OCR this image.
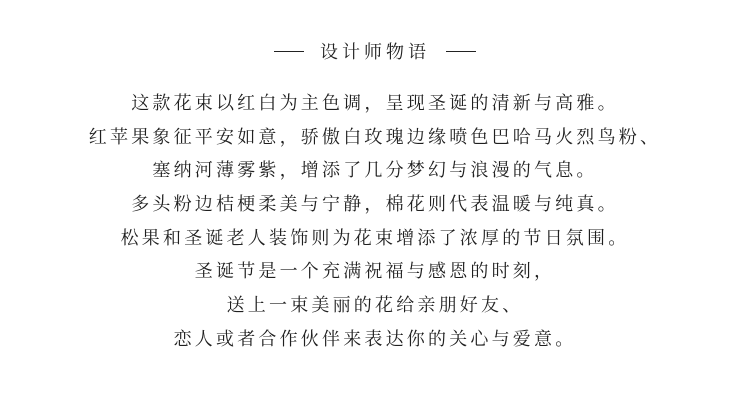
设计师物语
这款花束以红白为主色调，呈现圣诞的清新与高雅。
红苹果象征平安如意，骄傲白玫瑰边缘喷色巴哈马火烈鸟粉、
塞纳河薄雾紫，增添了几分梦幻与浪漫的气息。
多头粉边桔梗柔美与宁静，棉花则代表温暖与纯真。
松果和圣诞老人装饰则为花束增添了浓厚的节日氛围。
圣诞节是一个充满祝福与感恩的时刻，
送上一束美丽的花给亲朋好友、
恋人或者合作伙伴来表达你的关心与爱意。
